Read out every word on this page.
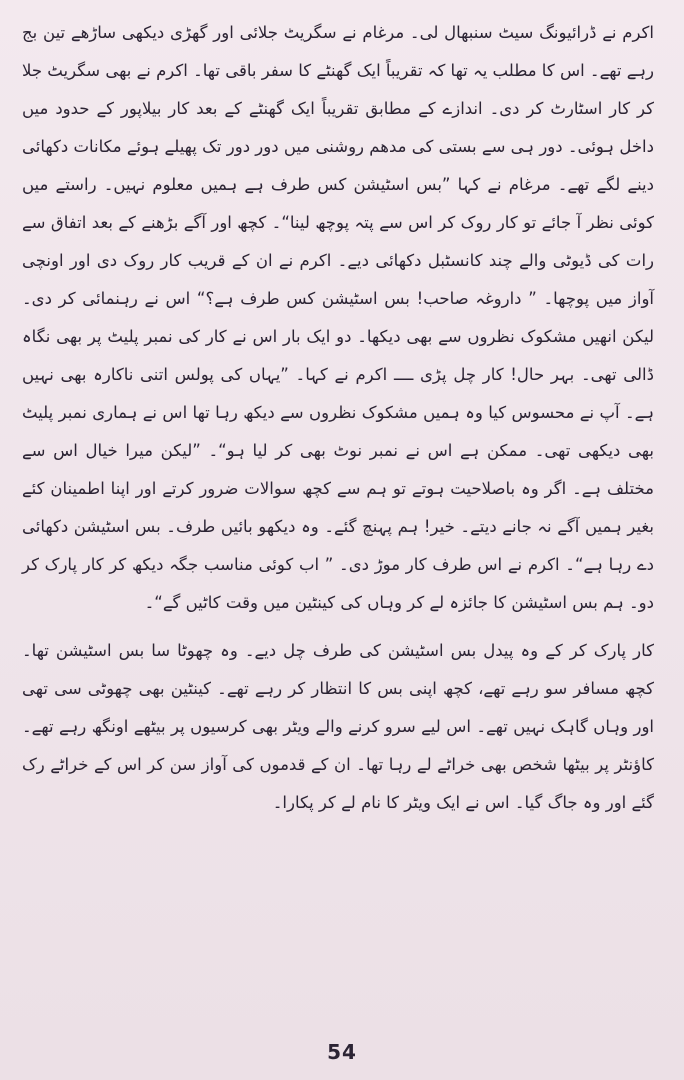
اکرم نے ڈرائیونگ سیٹ سنبھال لی۔ مرغام نے سگریٹ جلائی اور گھڑی دیکھی ساڑھے تین بج رہے تھے۔ اس کا مطلب یہ تھا کہ تقریباً ایک گھنٹے کا سفر باقی تھا۔ اکرم نے بھی سگریٹ جلا کر کار اسٹارٹ کر دی۔ اندازے کے مطابق تقریباً ایک گھنٹے کے بعد کار بیلاپور کے حدود میں داخل ہوئی۔ دور ہی سے بستی کی مدھم روشنی میں دور دور تک پھیلے ہوئے مکانات دکھائی دینے لگے تھے۔ مرغام نے کہا ”بس اسٹیشن کس طرف ہے ہمیں معلوم نہیں۔ راستے میں کوئی نظر آ جائے تو کار روک کر اس سے پتہ پوچھ لینا“۔ کچھ اور آگے بڑھنے کے بعد اتفاق سے رات کی ڈیوٹی والے چند کانسٹبل دکھائی دیے۔ اکرم نے ان کے قریب کار روک دی اور اونچی آواز میں پوچھا۔ ” داروغہ صاحب! بس اسٹیشن کس طرف ہے؟“ اس نے رہنمائی کر دی۔ لیکن انھیں مشکوک نظروں سے بھی دیکھا۔ دو ایک بار اس نے کار کی نمبر پلیٹ پر بھی نگاہ ڈالی تھی۔ بہر حال! کار چل پڑی ــــ اکرم نے کہا۔ ”یہاں کی پولس اتنی ناکارہ بھی نہیں ہے۔ آپ نے محسوس کیا وہ ہمیں مشکوک نظروں سے دیکھ رہا تھا اس نے ہماری نمبر پلیٹ بھی دیکھی تھی۔ ممکن ہے اس نے نمبر نوٹ بھی کر لیا ہو“۔ ”لیکن میرا خیال اس سے مختلف ہے۔ اگر وہ باصلاحیت ہوتے تو ہم سے کچھ سوالات ضرور کرتے اور اپنا اطمینان کئے بغیر ہمیں آگے نہ جانے دیتے۔ خیر! ہم پہنچ گئے۔ وہ دیکھو بائیں طرف۔ بس اسٹیشن دکھائی دے رہا ہے“۔ اکرم نے اس طرف کار موڑ دی۔ ” اب کوئی مناسب جگہ دیکھ کر کار پارک کر دو۔ ہم بس اسٹیشن کا جائزہ لے کر وہاں کی کینٹین میں وقت کاٹیں گے“۔

کار پارک کر کے وہ پیدل بس اسٹیشن کی طرف چل دیے۔ وہ چھوٹا سا بس اسٹیشن تھا۔ کچھ مسافر سو رہے تھے، کچھ اپنی بس کا انتظار کر رہے تھے۔ کینٹین بھی چھوٹی سی تھی اور وہاں گاہک نہیں تھے۔ اس لیے سرو کرنے والے ویٹر بھی کرسیوں پر بیٹھے اونگھ رہے تھے۔ کاؤنٹر پر بیٹھا شخص بھی خراٹے لے رہا تھا۔ ان کے قدموں کی آواز سن کر اس کے خراٹے رک گئے اور وہ جاگ گیا۔ اس نے ایک ویٹر کا نام لے کر پکارا۔

54
